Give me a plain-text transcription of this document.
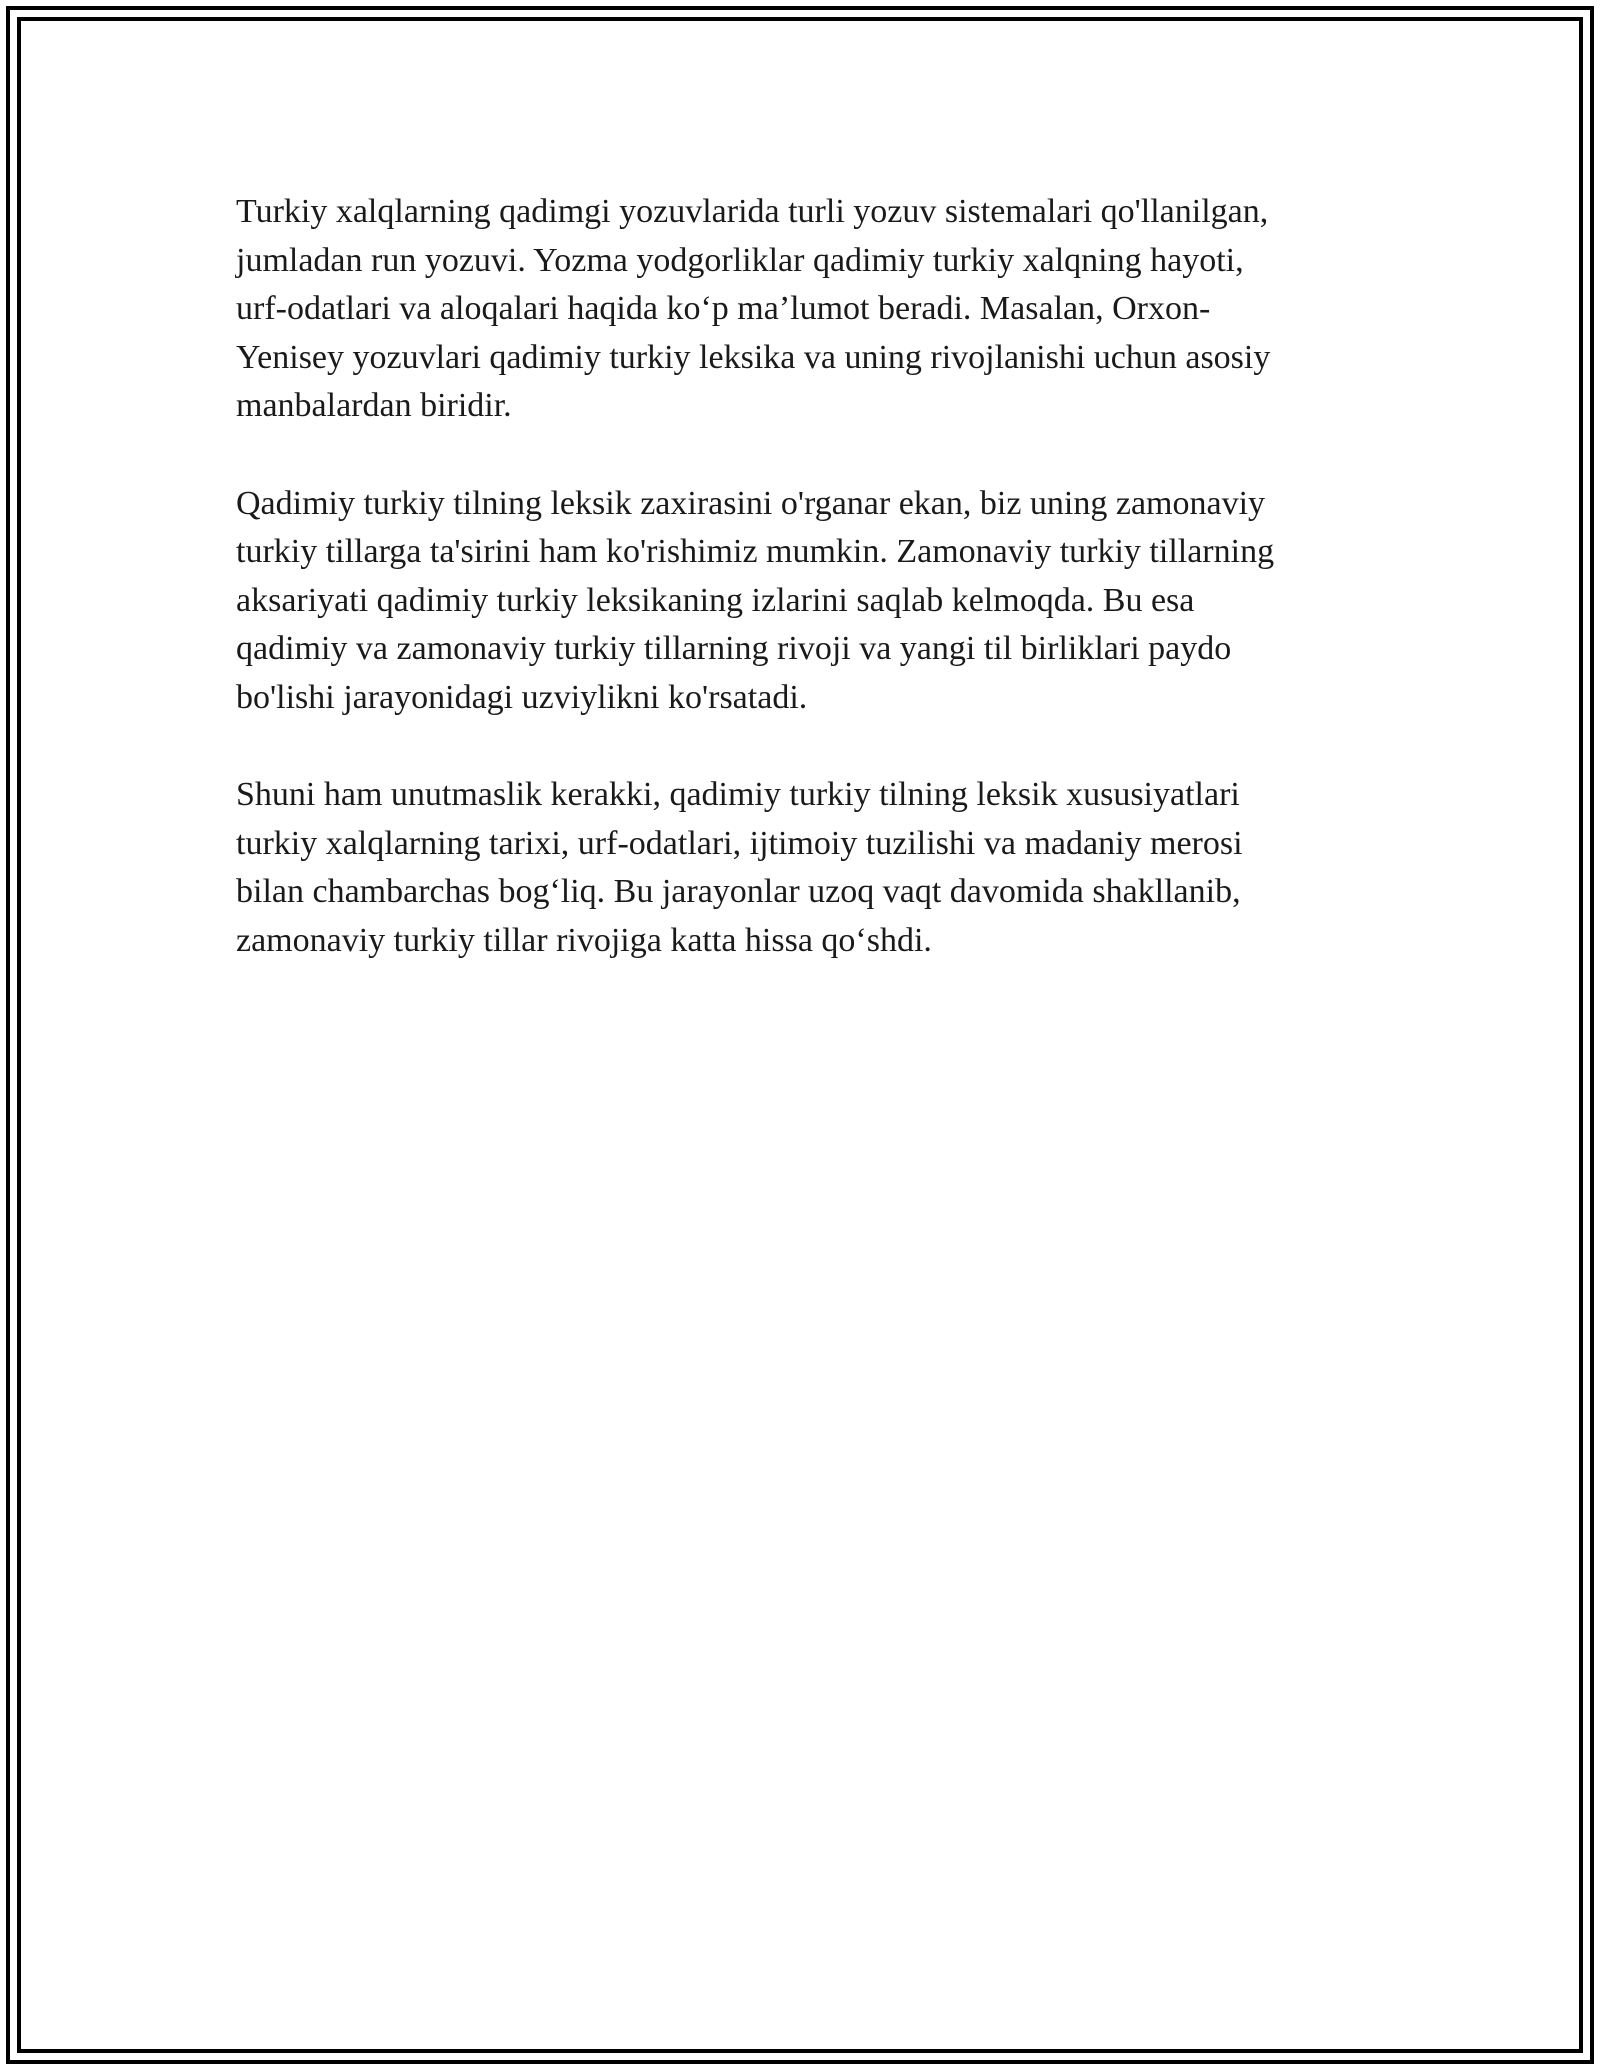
Turkiy xalqlarning qadimgi yozuvlarida turli yozuv sistemalari qo'llanilgan,
jumladan run yozuvi. Yozma yodgorliklar qadimiy turkiy xalqning hayoti,
urf-odatlari va aloqalari haqida ko‘p ma’lumot beradi. Masalan, Orxon-
Yenisey yozuvlari qadimiy turkiy leksika va uning rivojlanishi uchun asosiy
manbalardan biridir.

Qadimiy turkiy tilning leksik zaxirasini o'rganar ekan, biz uning zamonaviy
turkiy tillarga ta'sirini ham ko'rishimiz mumkin. Zamonaviy turkiy tillarning
aksariyati qadimiy turkiy leksikaning izlarini saqlab kelmoqda. Bu esa
qadimiy va zamonaviy turkiy tillarning rivoji va yangi til birliklari paydo
bo'lishi jarayonidagi uzviylikni ko'rsatadi.

Shuni ham unutmaslik kerakki, qadimiy turkiy tilning leksik xususiyatlari
turkiy xalqlarning tarixi, urf-odatlari, ijtimoiy tuzilishi va madaniy merosi
bilan chambarchas bog‘liq. Bu jarayonlar uzoq vaqt davomida shakllanib,
zamonaviy turkiy tillar rivojiga katta hissa qo‘shdi.
